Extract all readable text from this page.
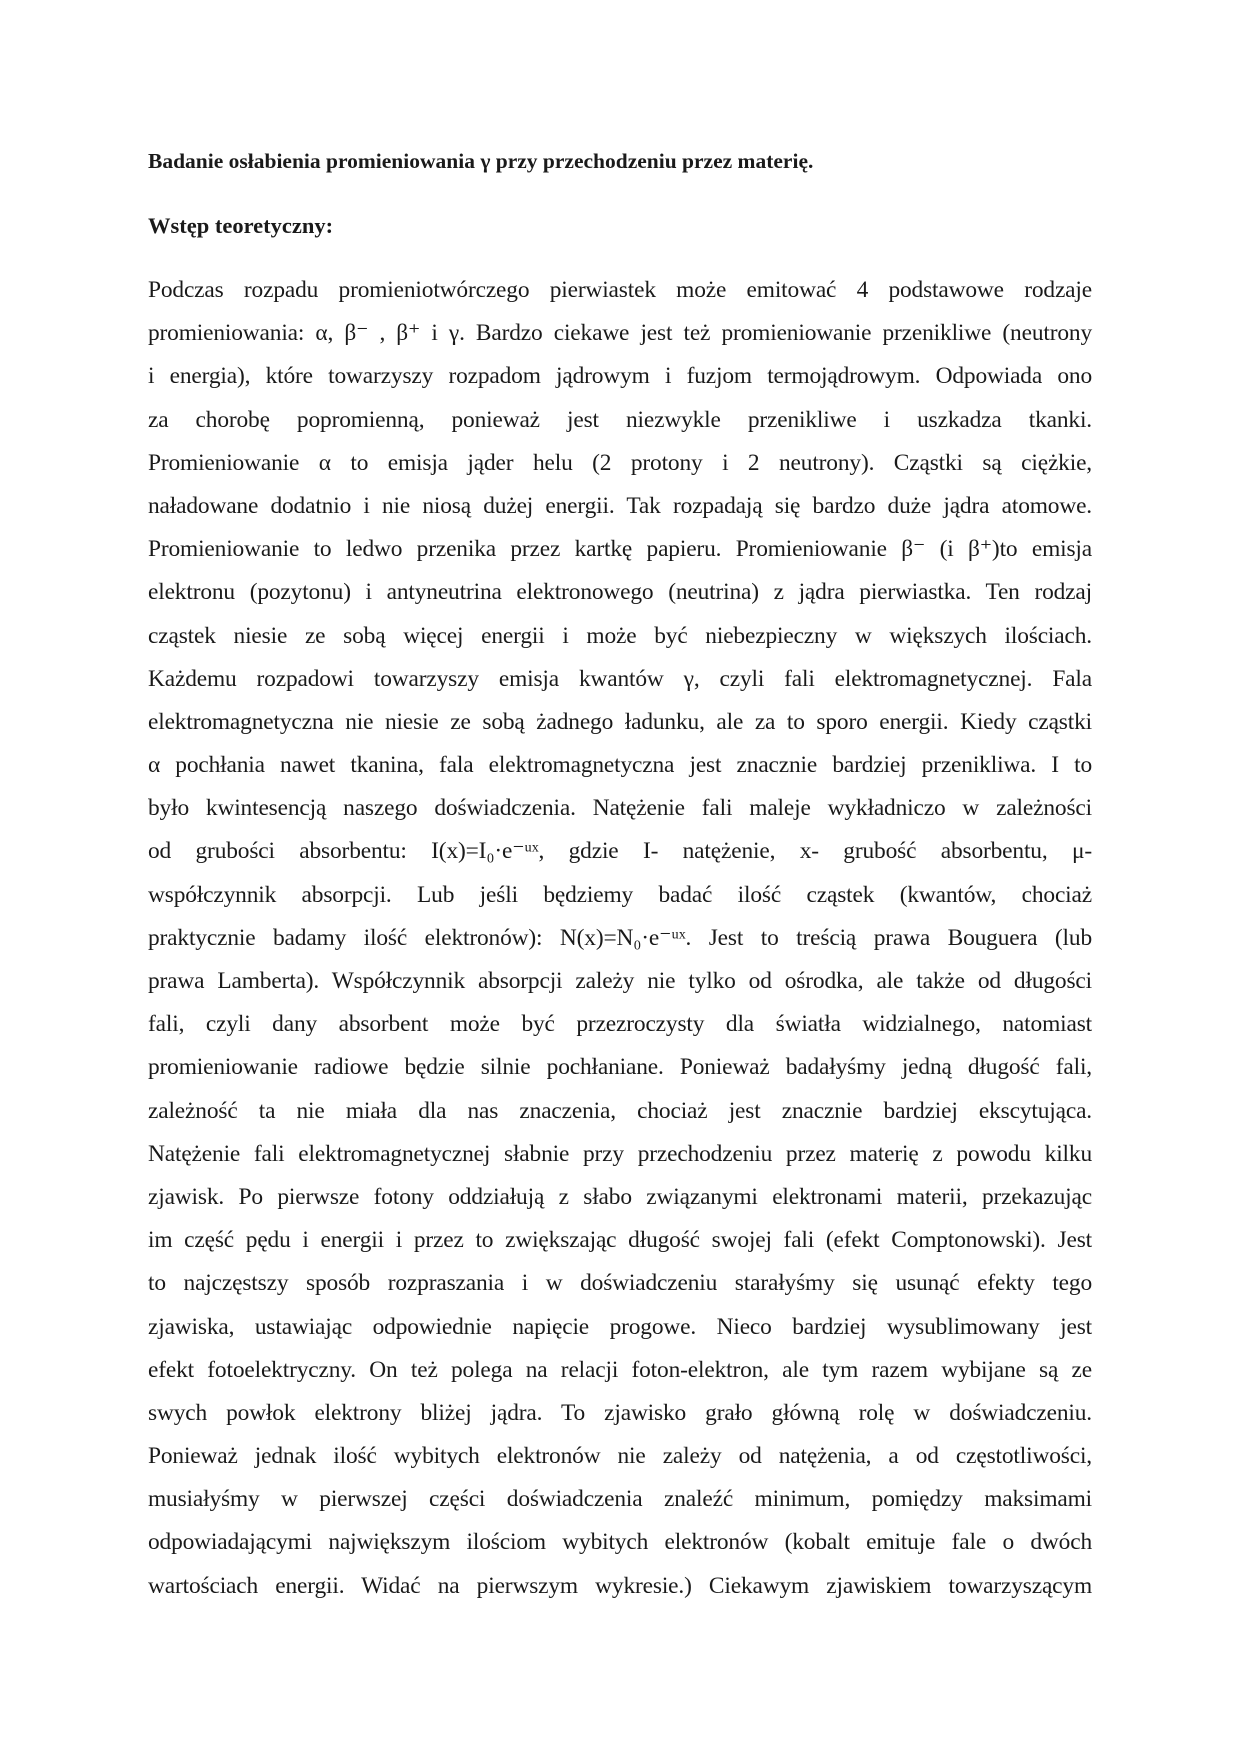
Badanie osłabienia promieniowania γ przy przechodzeniu przez materię.
Wstęp teoretyczny:
Podczas rozpadu promieniotwórczego pierwiastek może emitować 4 podstawowe rodzaje
promieniowania: α, β⁻ , β⁺ i γ. Bardzo ciekawe jest też promieniowanie przenikliwe (neutrony
i energia), które towarzyszy rozpadom jądrowym i fuzjom termojądrowym. Odpowiada ono
za chorobę popromienną, ponieważ jest niezwykle przenikliwe i uszkadza tkanki.
Promieniowanie α to emisja jąder helu (2 protony i 2 neutrony). Cząstki są ciężkie,
naładowane dodatnio i nie niosą dużej energii. Tak rozpadają się bardzo duże jądra atomowe.
Promieniowanie to ledwo przenika przez kartkę papieru. Promieniowanie β⁻ (i β⁺)to emisja
elektronu (pozytonu) i antyneutrina elektronowego (neutrina) z jądra pierwiastka. Ten rodzaj
cząstek niesie ze sobą więcej energii i może być niebezpieczny w większych ilościach.
Każdemu rozpadowi towarzyszy emisja kwantów γ, czyli fali elektromagnetycznej. Fala
elektromagnetyczna nie niesie ze sobą żadnego ładunku, ale za to sporo energii. Kiedy cząstki
α pochłania nawet tkanina, fala elektromagnetyczna jest znacznie bardziej przenikliwa. I to
było kwintesencją naszego doświadczenia. Natężenie fali maleje wykładniczo w zależności
od grubości absorbentu: I(x)=I₀·e⁻ᵘˣ, gdzie I- natężenie, x- grubość absorbentu, μ-
współczynnik absorpcji. Lub jeśli będziemy badać ilość cząstek (kwantów, chociaż
praktycznie badamy ilość elektronów): N(x)=N₀·e⁻ᵘˣ. Jest to treścią prawa Bouguera (lub
prawa Lamberta). Współczynnik absorpcji zależy nie tylko od ośrodka, ale także od długości
fali, czyli dany absorbent może być przezroczysty dla światła widzialnego, natomiast
promieniowanie radiowe będzie silnie pochłaniane. Ponieważ badałyśmy jedną długość fali,
zależność ta nie miała dla nas znaczenia, chociaż jest znacznie bardziej ekscytująca.
Natężenie fali elektromagnetycznej słabnie przy przechodzeniu przez materię z powodu kilku
zjawisk. Po pierwsze fotony oddziałują z słabo związanymi elektronami materii, przekazując
im część pędu i energii i przez to zwiększając długość swojej fali (efekt Comptonowski). Jest
to najczęstszy sposób rozpraszania i w doświadczeniu starałyśmy się usunąć efekty tego
zjawiska, ustawiając odpowiednie napięcie progowe. Nieco bardziej wysublimowany jest
efekt fotoelektryczny. On też polega na relacji foton-elektron, ale tym razem wybijane są ze
swych powłok elektrony bliżej jądra. To zjawisko grało główną rolę w doświadczeniu.
Ponieważ jednak ilość wybitych elektronów nie zależy od natężenia, a od częstotliwości,
musiałyśmy w pierwszej części doświadczenia znaleźć minimum, pomiędzy maksimami
odpowiadającymi największym ilościom wybitych elektronów (kobalt emituje fale o dwóch
wartościach energii. Widać na pierwszym wykresie.) Ciekawym zjawiskiem towarzyszącym
